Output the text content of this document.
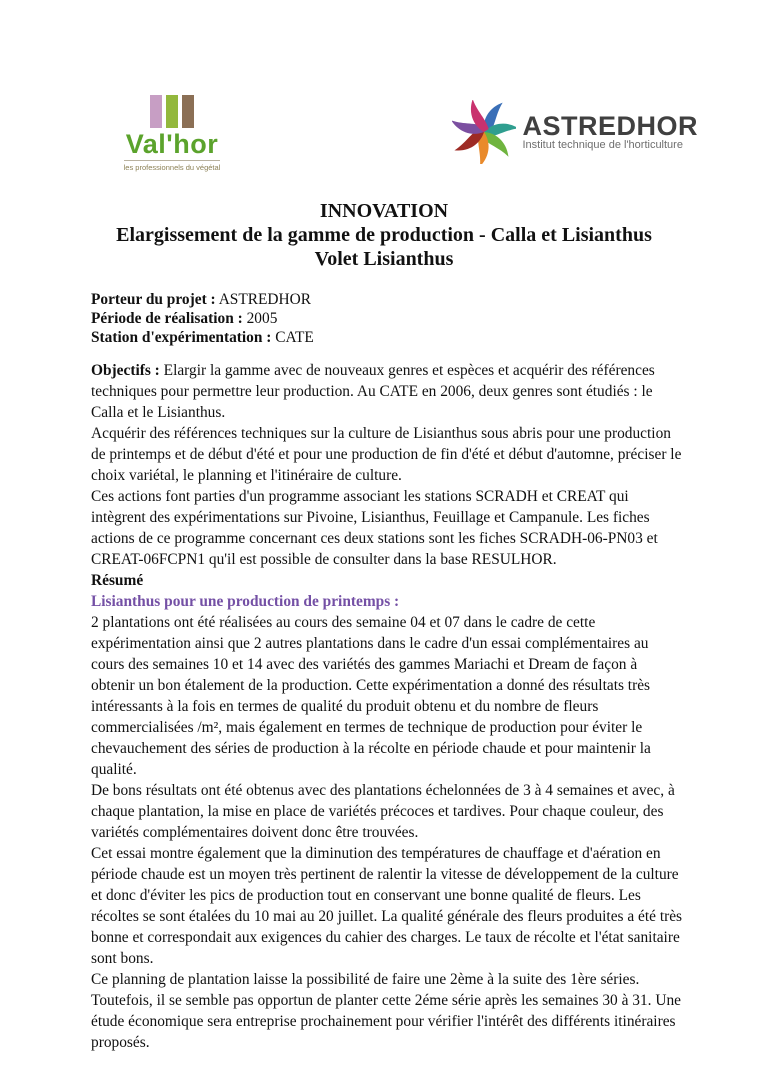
Val'hor
les professionnels du végétal
ASTREDHOR
Institut technique de l'horticulture
INNOVATION
Elargissement de la gamme de production - Calla et Lisianthus
Volet Lisianthus

Porteur du projet : ASTREDHOR

Période de réalisation : 2005

Station d'expérimentation : CATE

Objectifs : Elargir la gamme avec de nouveaux genres et espèces et acquérir des références techniques pour permettre leur production. Au CATE en 2006, deux genres sont étudiés : le Calla et le Lisianthus.

Acquérir des références techniques sur la culture de Lisianthus sous abris pour une production de printemps et de début d'été et pour une production de fin d'été et début d'automne, préciser le choix variétal, le planning et l'itinéraire de culture.

Ces actions font parties d'un programme associant les stations SCRADH et CREAT qui intègrent des expérimentations sur Pivoine, Lisianthus, Feuillage et Campanule. Les fiches actions de ce programme concernant ces deux stations sont les fiches SCRADH-06-PN03 et CREAT-06FCPN1 qu'il est possible de consulter dans la base RESULHOR.

Résumé

Lisianthus pour une production de printemps :

2 plantations ont été réalisées au cours des semaine 04 et 07 dans le cadre de cette expérimentation ainsi que 2 autres plantations dans le cadre d'un essai complémentaires au cours des semaines 10 et 14 avec des variétés des gammes Mariachi et Dream de façon à obtenir un bon étalement de la production. Cette expérimentation a donné des résultats très intéressants à la fois en termes de qualité du produit obtenu et du nombre de fleurs commercialisées /m², mais également en termes de technique de production pour éviter le chevauchement des séries de production à la récolte en période chaude et pour maintenir la qualité.

De bons résultats ont été obtenus avec des plantations échelonnées de 3 à 4 semaines et avec, à chaque plantation, la mise en place de variétés précoces et tardives. Pour chaque couleur, des variétés complémentaires doivent donc être trouvées.

Cet essai montre également que la diminution des températures de chauffage et d'aération en période chaude est un moyen très pertinent de ralentir la vitesse de développement de la culture et donc d'éviter les pics de production tout en conservant une bonne qualité de fleurs. Les récoltes se sont étalées du 10 mai au 20 juillet. La qualité générale des fleurs produites a été très bonne et correspondait aux exigences du cahier des charges. Le taux de récolte et l'état sanitaire sont bons.

Ce planning de plantation laisse la possibilité de faire une 2ème à la suite des 1ère séries. Toutefois, il se semble pas opportun de planter cette 2éme série après les semaines 30 à 31. Une étude économique sera entreprise prochainement pour vérifier l'intérêt des différents itinéraires proposés.
